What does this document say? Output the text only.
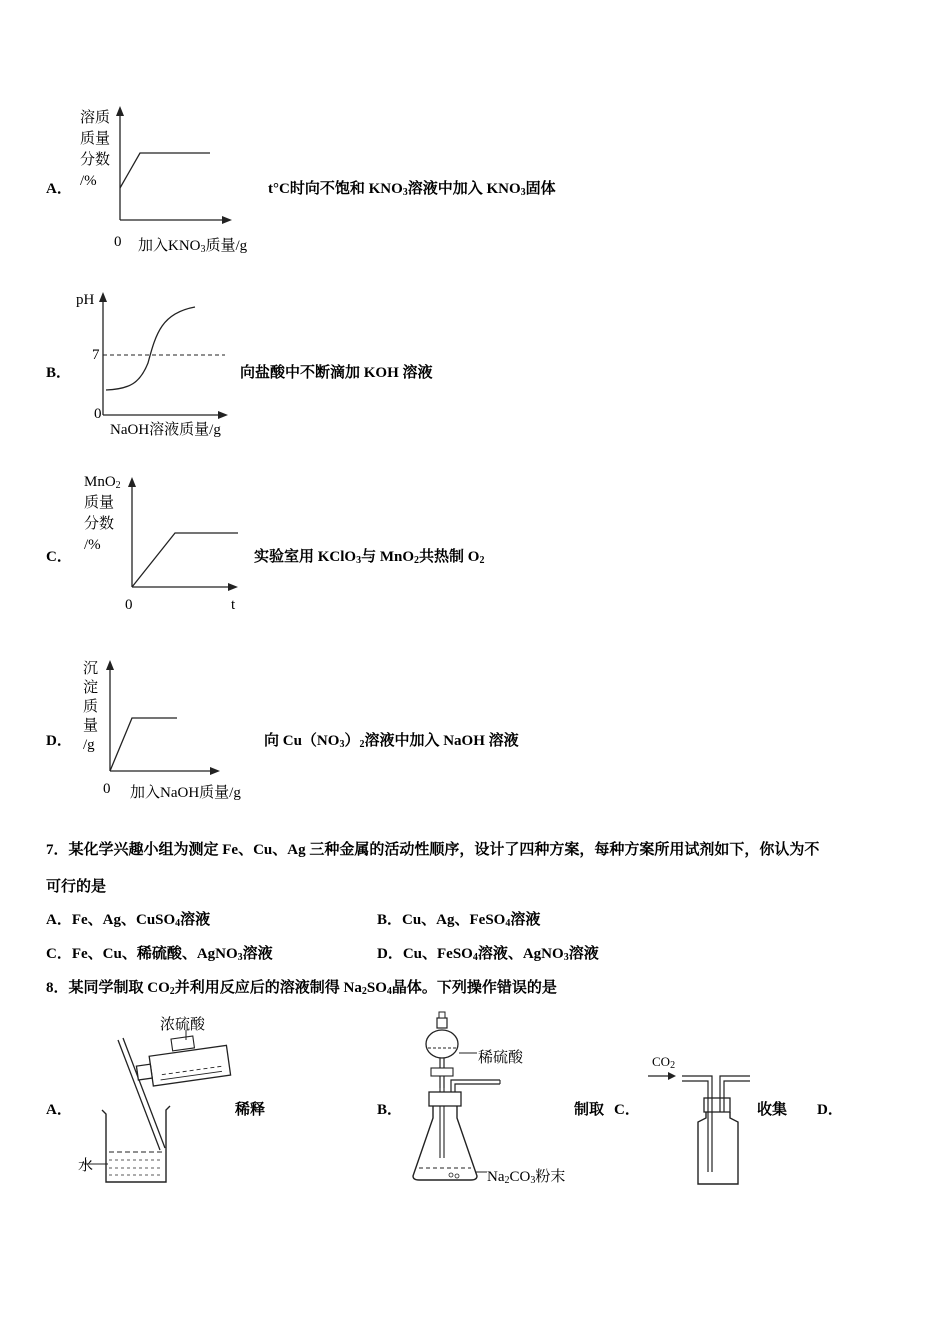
A．
溶质
质量
分数
/%
0 加入$KNO_3$质量/g
t°C时向不饱和 $KNO_3$溶液中加入 $KNO_3$固体
B．
pH
7
0
NaOH溶液质量/g
向盐酸中不断滴加 KOH 溶液
C．
MnO$_2$
质量
分数
/%
0	t
实验室用 KClO$_3$与 MnO$_2$共热制 $O_2$
D．
沉
淀
质
量
/g
0 加入NaOH质量/g
向 $Cu(NO_3)_2$溶液中加入 NaOH 溶液
7．某化学兴趣小组为测定 Fe、Cu、Ag 三种金属的活动性顺序，设计了四种方案，每种方案所用试剂如下，你认为不
可行的是
A．Fe、Ag、CuSO$_4$溶液	B．Cu、Ag、FeSO$_4$溶液
C．Fe、Cu、稀硫酸、AgNO$_3$溶液	D．Cu、FeSO$_4$溶液、AgNO$_3$溶液
8．某同学制取 $CO_2$并利用反应后的溶液制得 $Na_2SO_4$晶体。下列操作错误的是
A．
浓硫酸
水
稀释	B．
稀硫酸
$Na_2CO_3$粉末
制取 C．
$CO_2$
收集 D．
